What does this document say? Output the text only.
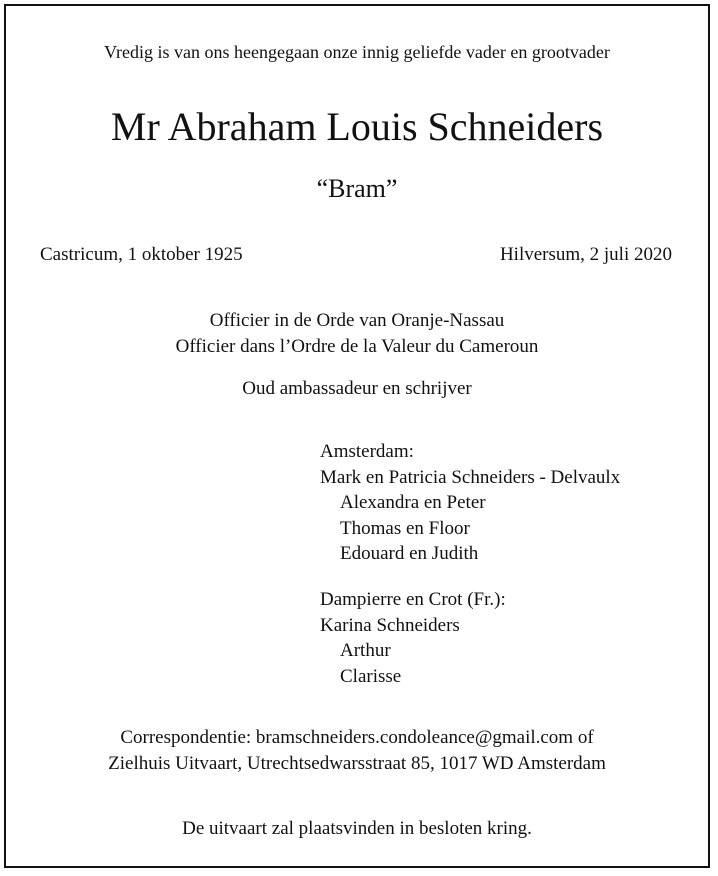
Vredig is van ons heengegaan onze innig geliefde vader en grootvader
Mr Abraham Louis Schneiders
“Bram”
Castricum, 1 oktober 1925	Hilversum, 2 juli 2020
Officier in de Orde van Oranje-Nassau
Officier dans l’Ordre de la Valeur du Cameroun
Oud ambassadeur en schrijver
Amsterdam:
Mark en Patricia Schneiders - Delvaulx
Alexandra en Peter
Thomas en Floor
Edouard en Judith
Dampierre en Crot (Fr.):
Karina Schneiders
Arthur
Clarisse
Correspondentie: bramschneiders.condoleance@gmail.com of
Zielhuis Uitvaart, Utrechtsedwarsstraat 85, 1017 WD Amsterdam
De uitvaart zal plaatsvinden in besloten kring.
